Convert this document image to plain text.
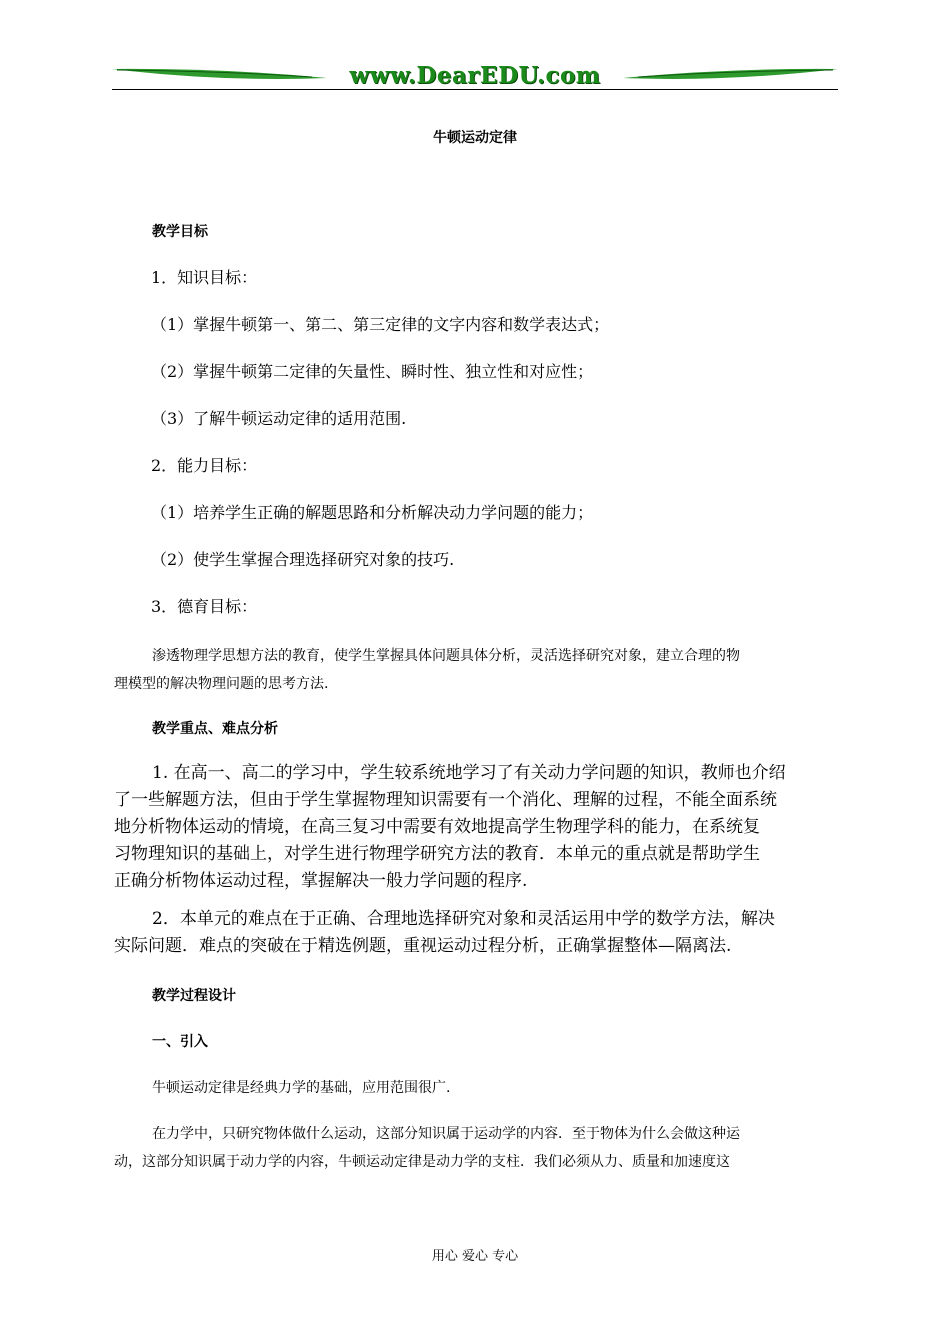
www.DearEDU.com
牛顿运动定律
教学目标
1．知识目标：
（1）掌握牛顿第一、第二、第三定律的文字内容和数学表达式；
（2）掌握牛顿第二定律的矢量性、瞬时性、独立性和对应性；
（3）了解牛顿运动定律的适用范围.
2．能力目标：
（1）培养学生正确的解题思路和分析解决动力学问题的能力；
（2）使学生掌握合理选择研究对象的技巧.
3．德育目标：
渗透物理学思想方法的教育，使学生掌握具体问题具体分析，灵活选择研究对象，建立合理的物
理模型的解决物理问题的思考方法.
教学重点、难点分析
1. 在高一、高二的学习中，学生较系统地学习了有关动力学问题的知识，教师也介绍
了一些解题方法，但由于学生掌握物理知识需要有一个消化、理解的过程，不能全面系统
地分析物体运动的情境，在高三复习中需要有效地提高学生物理学科的能力，在系统复
习物理知识的基础上，对学生进行物理学研究方法的教育．本单元的重点就是帮助学生
正确分析物体运动过程，掌握解决一般力学问题的程序.
2．本单元的难点在于正确、合理地选择研究对象和灵活运用中学的数学方法，解决
实际问题．难点的突破在于精选例题，重视运动过程分析，正确掌握整体—隔离法.
教学过程设计
一、引入
牛顿运动定律是经典力学的基础，应用范围很广.
在力学中，只研究物体做什么运动，这部分知识属于运动学的内容．至于物体为什么会做这种运
动，这部分知识属于动力学的内容，牛顿运动定律是动力学的支柱．我们必须从力、质量和加速度这
用心 爱心 专心
